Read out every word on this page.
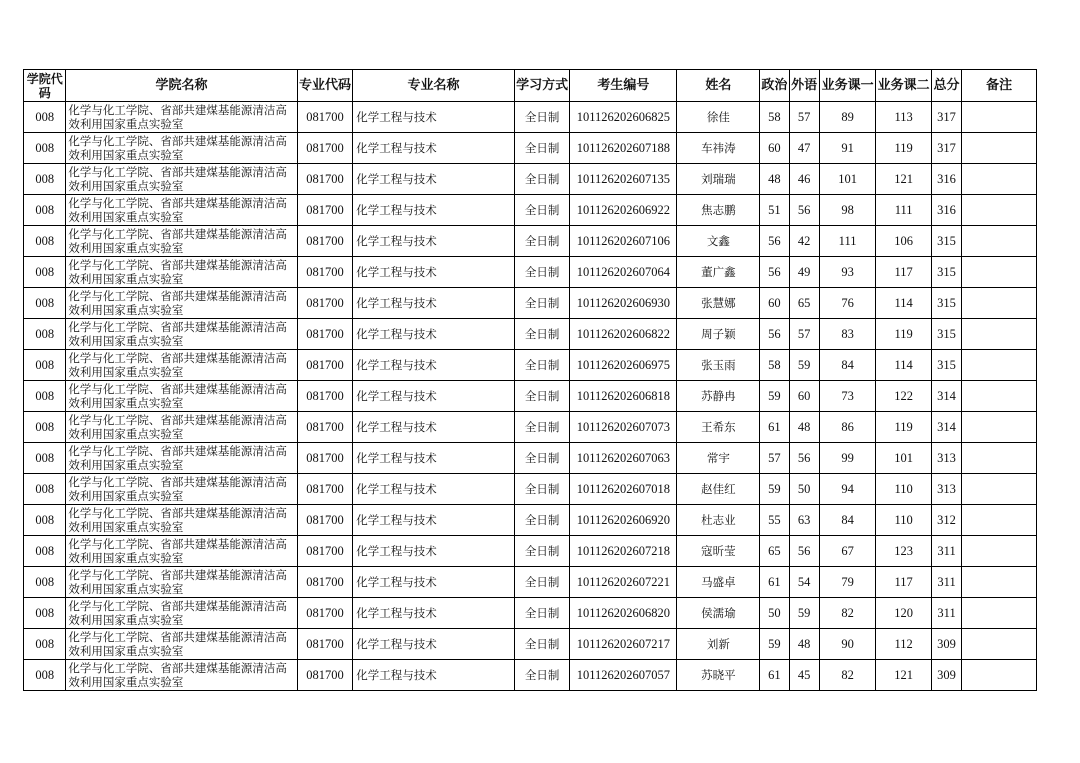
学院代码	学院名称	专业代码	专业名称	学习方式	考生编号	姓名	政治	外语	业务课一	业务课二	总分	备注
008	化学与化工学院、省部共建煤基能源清洁高效利用国家重点实验室	081700	化学工程与技术	全日制	101126202606825	徐佳	58	57	89	113	317	
008	化学与化工学院、省部共建煤基能源清洁高效利用国家重点实验室	081700	化学工程与技术	全日制	101126202607188	车祎涛	60	47	91	119	317	
008	化学与化工学院、省部共建煤基能源清洁高效利用国家重点实验室	081700	化学工程与技术	全日制	101126202607135	刘瑞瑞	48	46	101	121	316	
008	化学与化工学院、省部共建煤基能源清洁高效利用国家重点实验室	081700	化学工程与技术	全日制	101126202606922	焦志鹏	51	56	98	111	316	
008	化学与化工学院、省部共建煤基能源清洁高效利用国家重点实验室	081700	化学工程与技术	全日制	101126202607106	文鑫	56	42	111	106	315	
008	化学与化工学院、省部共建煤基能源清洁高效利用国家重点实验室	081700	化学工程与技术	全日制	101126202607064	董广鑫	56	49	93	117	315	
008	化学与化工学院、省部共建煤基能源清洁高效利用国家重点实验室	081700	化学工程与技术	全日制	101126202606930	张慧娜	60	65	76	114	315	
008	化学与化工学院、省部共建煤基能源清洁高效利用国家重点实验室	081700	化学工程与技术	全日制	101126202606822	周子颖	56	57	83	119	315	
008	化学与化工学院、省部共建煤基能源清洁高效利用国家重点实验室	081700	化学工程与技术	全日制	101126202606975	张玉雨	58	59	84	114	315	
008	化学与化工学院、省部共建煤基能源清洁高效利用国家重点实验室	081700	化学工程与技术	全日制	101126202606818	苏静冉	59	60	73	122	314	
008	化学与化工学院、省部共建煤基能源清洁高效利用国家重点实验室	081700	化学工程与技术	全日制	101126202607073	王希东	61	48	86	119	314	
008	化学与化工学院、省部共建煤基能源清洁高效利用国家重点实验室	081700	化学工程与技术	全日制	101126202607063	常宇	57	56	99	101	313	
008	化学与化工学院、省部共建煤基能源清洁高效利用国家重点实验室	081700	化学工程与技术	全日制	101126202607018	赵佳红	59	50	94	110	313	
008	化学与化工学院、省部共建煤基能源清洁高效利用国家重点实验室	081700	化学工程与技术	全日制	101126202606920	杜志业	55	63	84	110	312	
008	化学与化工学院、省部共建煤基能源清洁高效利用国家重点实验室	081700	化学工程与技术	全日制	101126202607218	寇昕莹	65	56	67	123	311	
008	化学与化工学院、省部共建煤基能源清洁高效利用国家重点实验室	081700	化学工程与技术	全日制	101126202607221	马盛卓	61	54	79	117	311	
008	化学与化工学院、省部共建煤基能源清洁高效利用国家重点实验室	081700	化学工程与技术	全日制	101126202606820	侯濡瑜	50	59	82	120	311	
008	化学与化工学院、省部共建煤基能源清洁高效利用国家重点实验室	081700	化学工程与技术	全日制	101126202607217	刘新	59	48	90	112	309	
008	化学与化工学院、省部共建煤基能源清洁高效利用国家重点实验室	081700	化学工程与技术	全日制	101126202607057	苏晓平	61	45	82	121	309	
